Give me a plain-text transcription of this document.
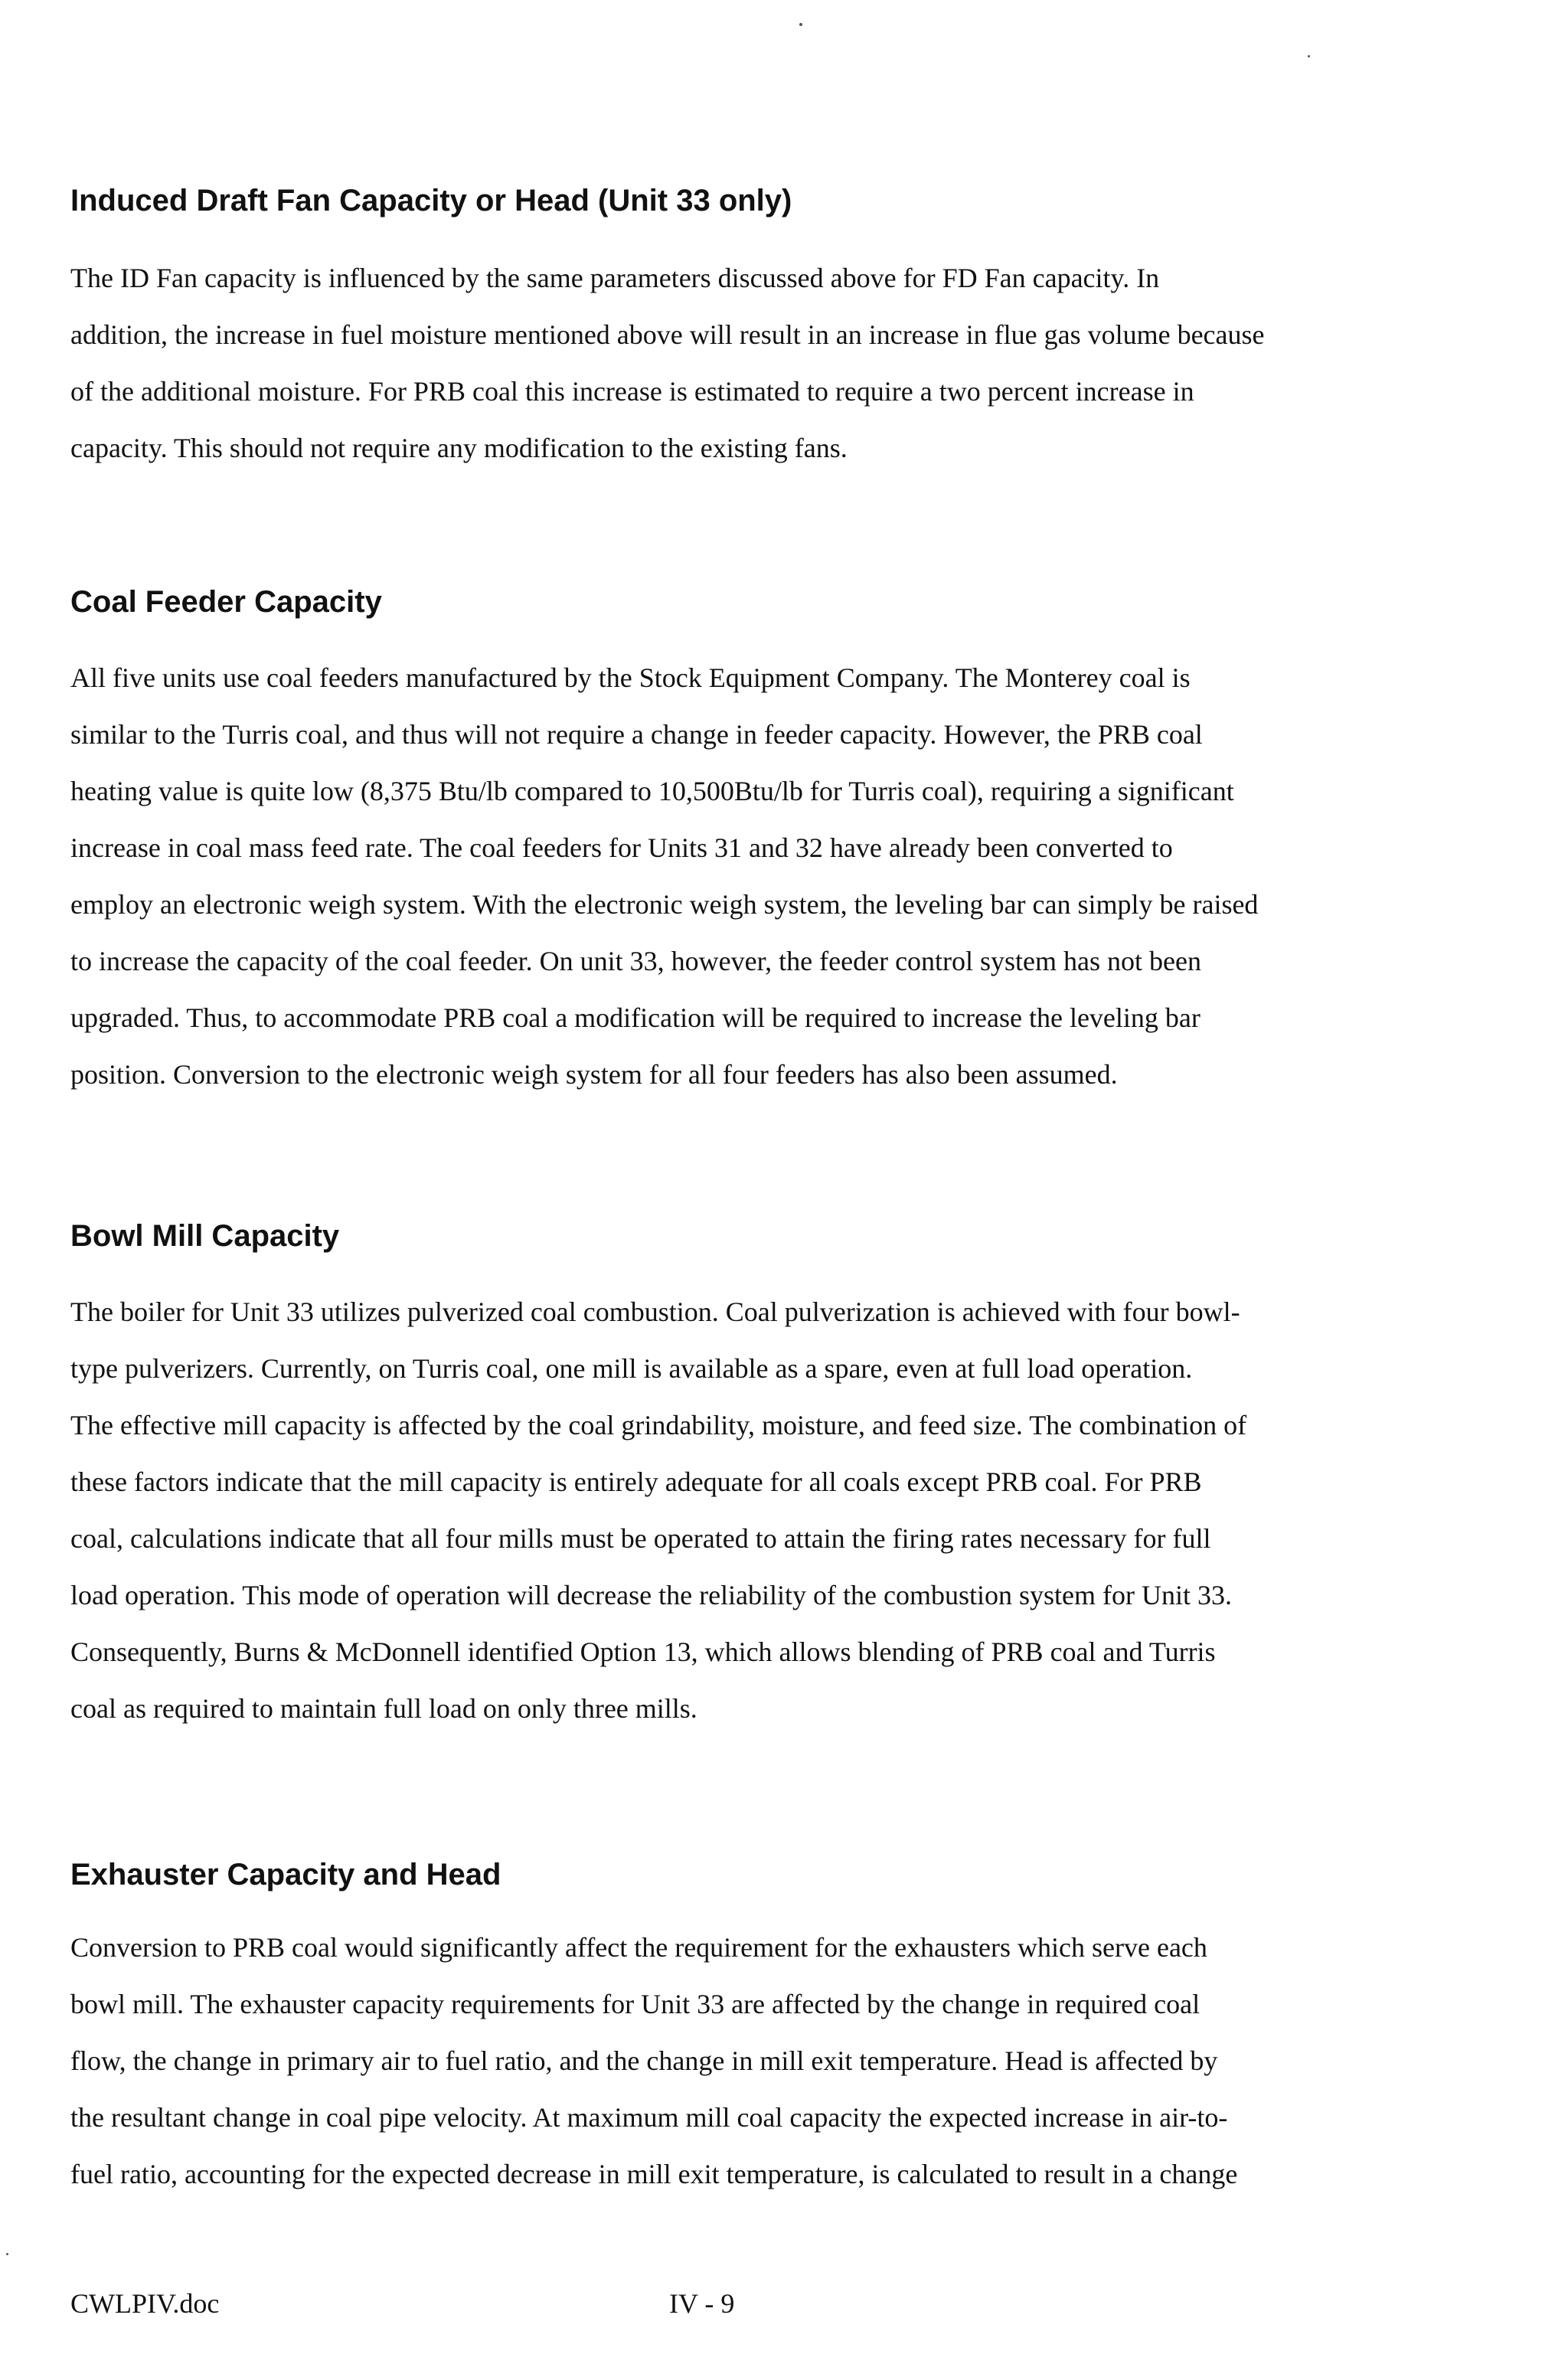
Induced Draft Fan Capacity or Head (Unit 33 only)
The ID Fan capacity is influenced by the same parameters discussed above for FD Fan capacity. In
addition, the increase in fuel moisture mentioned above will result in an increase in flue gas volume because
of the additional moisture. For PRB coal this increase is estimated to require a two percent increase in
capacity. This should not require any modification to the existing fans.
Coal Feeder Capacity
All five units use coal feeders manufactured by the Stock Equipment Company. The Monterey coal is
similar to the Turris coal, and thus will not require a change in feeder capacity. However, the PRB coal
heating value is quite low (8,375 Btu/lb compared to 10,500Btu/lb for Turris coal), requiring a significant
increase in coal mass feed rate. The coal feeders for Units 31 and 32 have already been converted to
employ an electronic weigh system. With the electronic weigh system, the leveling bar can simply be raised
to increase the capacity of the coal feeder. On unit 33, however, the feeder control system has not been
upgraded. Thus, to accommodate PRB coal a modification will be required to increase the leveling bar
position. Conversion to the electronic weigh system for all four feeders has also been assumed.
Bowl Mill Capacity
The boiler for Unit 33 utilizes pulverized coal combustion. Coal pulverization is achieved with four bowl-
type pulverizers. Currently, on Turris coal, one mill is available as a spare, even at full load operation.
The effective mill capacity is affected by the coal grindability, moisture, and feed size. The combination of
these factors indicate that the mill capacity is entirely adequate for all coals except PRB coal. For PRB
coal, calculations indicate that all four mills must be operated to attain the firing rates necessary for full
load operation. This mode of operation will decrease the reliability of the combustion system for Unit 33.
Consequently, Burns & McDonnell identified Option 13, which allows blending of PRB coal and Turris
coal as required to maintain full load on only three mills.
Exhauster Capacity and Head
Conversion to PRB coal would significantly affect the requirement for the exhausters which serve each
bowl mill. The exhauster capacity requirements for Unit 33 are affected by the change in required coal
flow, the change in primary air to fuel ratio, and the change in mill exit temperature. Head is affected by
the resultant change in coal pipe velocity. At maximum mill coal capacity the expected increase in air-to-
fuel ratio, accounting for the expected decrease in mill exit temperature, is calculated to result in a change
CWLPIV.doc	IV - 9
